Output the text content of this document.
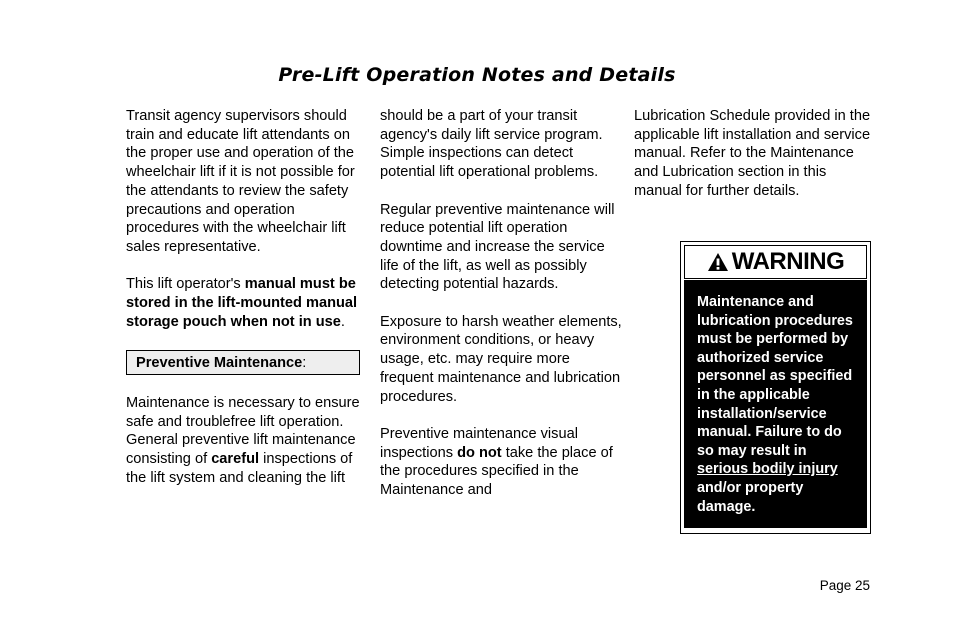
Pre-Lift Operation Notes and Details

Transit agency supervisors should train and educate lift attendants on the proper use and operation of the wheelchair lift if it is not possible for the attendants to review the safety precautions and operation procedures with the wheelchair lift sales representative.

This lift operator's manual must be stored in the lift-mounted manual storage pouch when not in use.

Preventive Maintenance:

Maintenance is necessary to ensure safe and troublefree lift operation. General preventive lift maintenance consisting of careful inspections of the lift system and cleaning the lift

should be a part of your transit agency's daily lift service program. Simple inspections can detect potential lift operational problems.

Regular preventive maintenance will reduce potential lift operation downtime and increase the service life of the lift, as well as possibly detecting potential hazards.

Exposure to harsh weather elements, environment conditions, or heavy usage, etc. may require more frequent maintenance and lubrication procedures.

Preventive maintenance visual inspections do not take the place of the procedures specified in the Maintenance and

Lubrication Schedule provided in the applicable lift installation and service manual. Refer to the Maintenance and Lubrication section in this manual for further details.

WARNING
Maintenance and lubrication procedures must be performed by authorized service personnel as specified in the applicable installation/service manual. Failure to do so may result in serious bodily injury and/or property damage.
Page 25
